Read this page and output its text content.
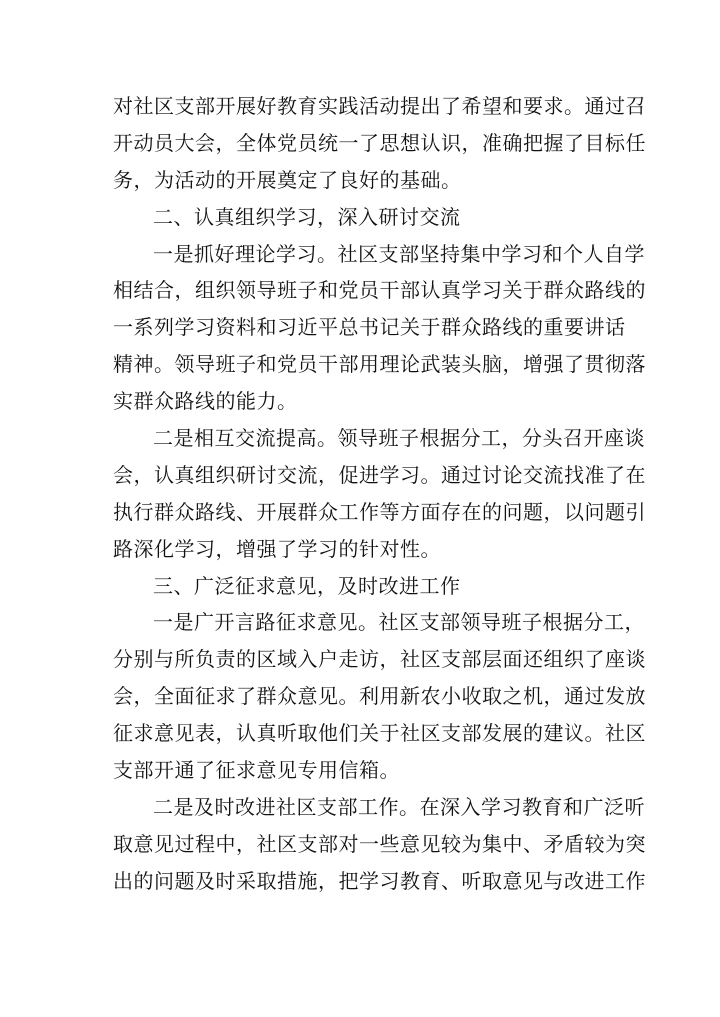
对社区支部开展好教育实践活动提出了希望和要求。通过召
开动员大会，全体党员统一了思想认识，准确把握了目标任
务，为活动的开展奠定了良好的基础。
二、认真组织学习，深入研讨交流
一是抓好理论学习。社区支部坚持集中学习和个人自学
相结合，组织领导班子和党员干部认真学习关于群众路线的
一系列学习资料和习近平总书记关于群众路线的重要讲话
精神。领导班子和党员干部用理论武装头脑，增强了贯彻落
实群众路线的能力。
二是相互交流提高。领导班子根据分工，分头召开座谈
会，认真组织研讨交流，促进学习。通过讨论交流找准了在
执行群众路线、开展群众工作等方面存在的问题，以问题引
路深化学习，增强了学习的针对性。
三、广泛征求意见，及时改进工作
一是广开言路征求意见。社区支部领导班子根据分工，
分别与所负责的区域入户走访，社区支部层面还组织了座谈
会，全面征求了群众意见。利用新农小收取之机，通过发放
征求意见表，认真听取他们关于社区支部发展的建议。社区
支部开通了征求意见专用信箱。
二是及时改进社区支部工作。在深入学习教育和广泛听
取意见过程中，社区支部对一些意见较为集中、矛盾较为突
出的问题及时采取措施，把学习教育、听取意见与改进工作
